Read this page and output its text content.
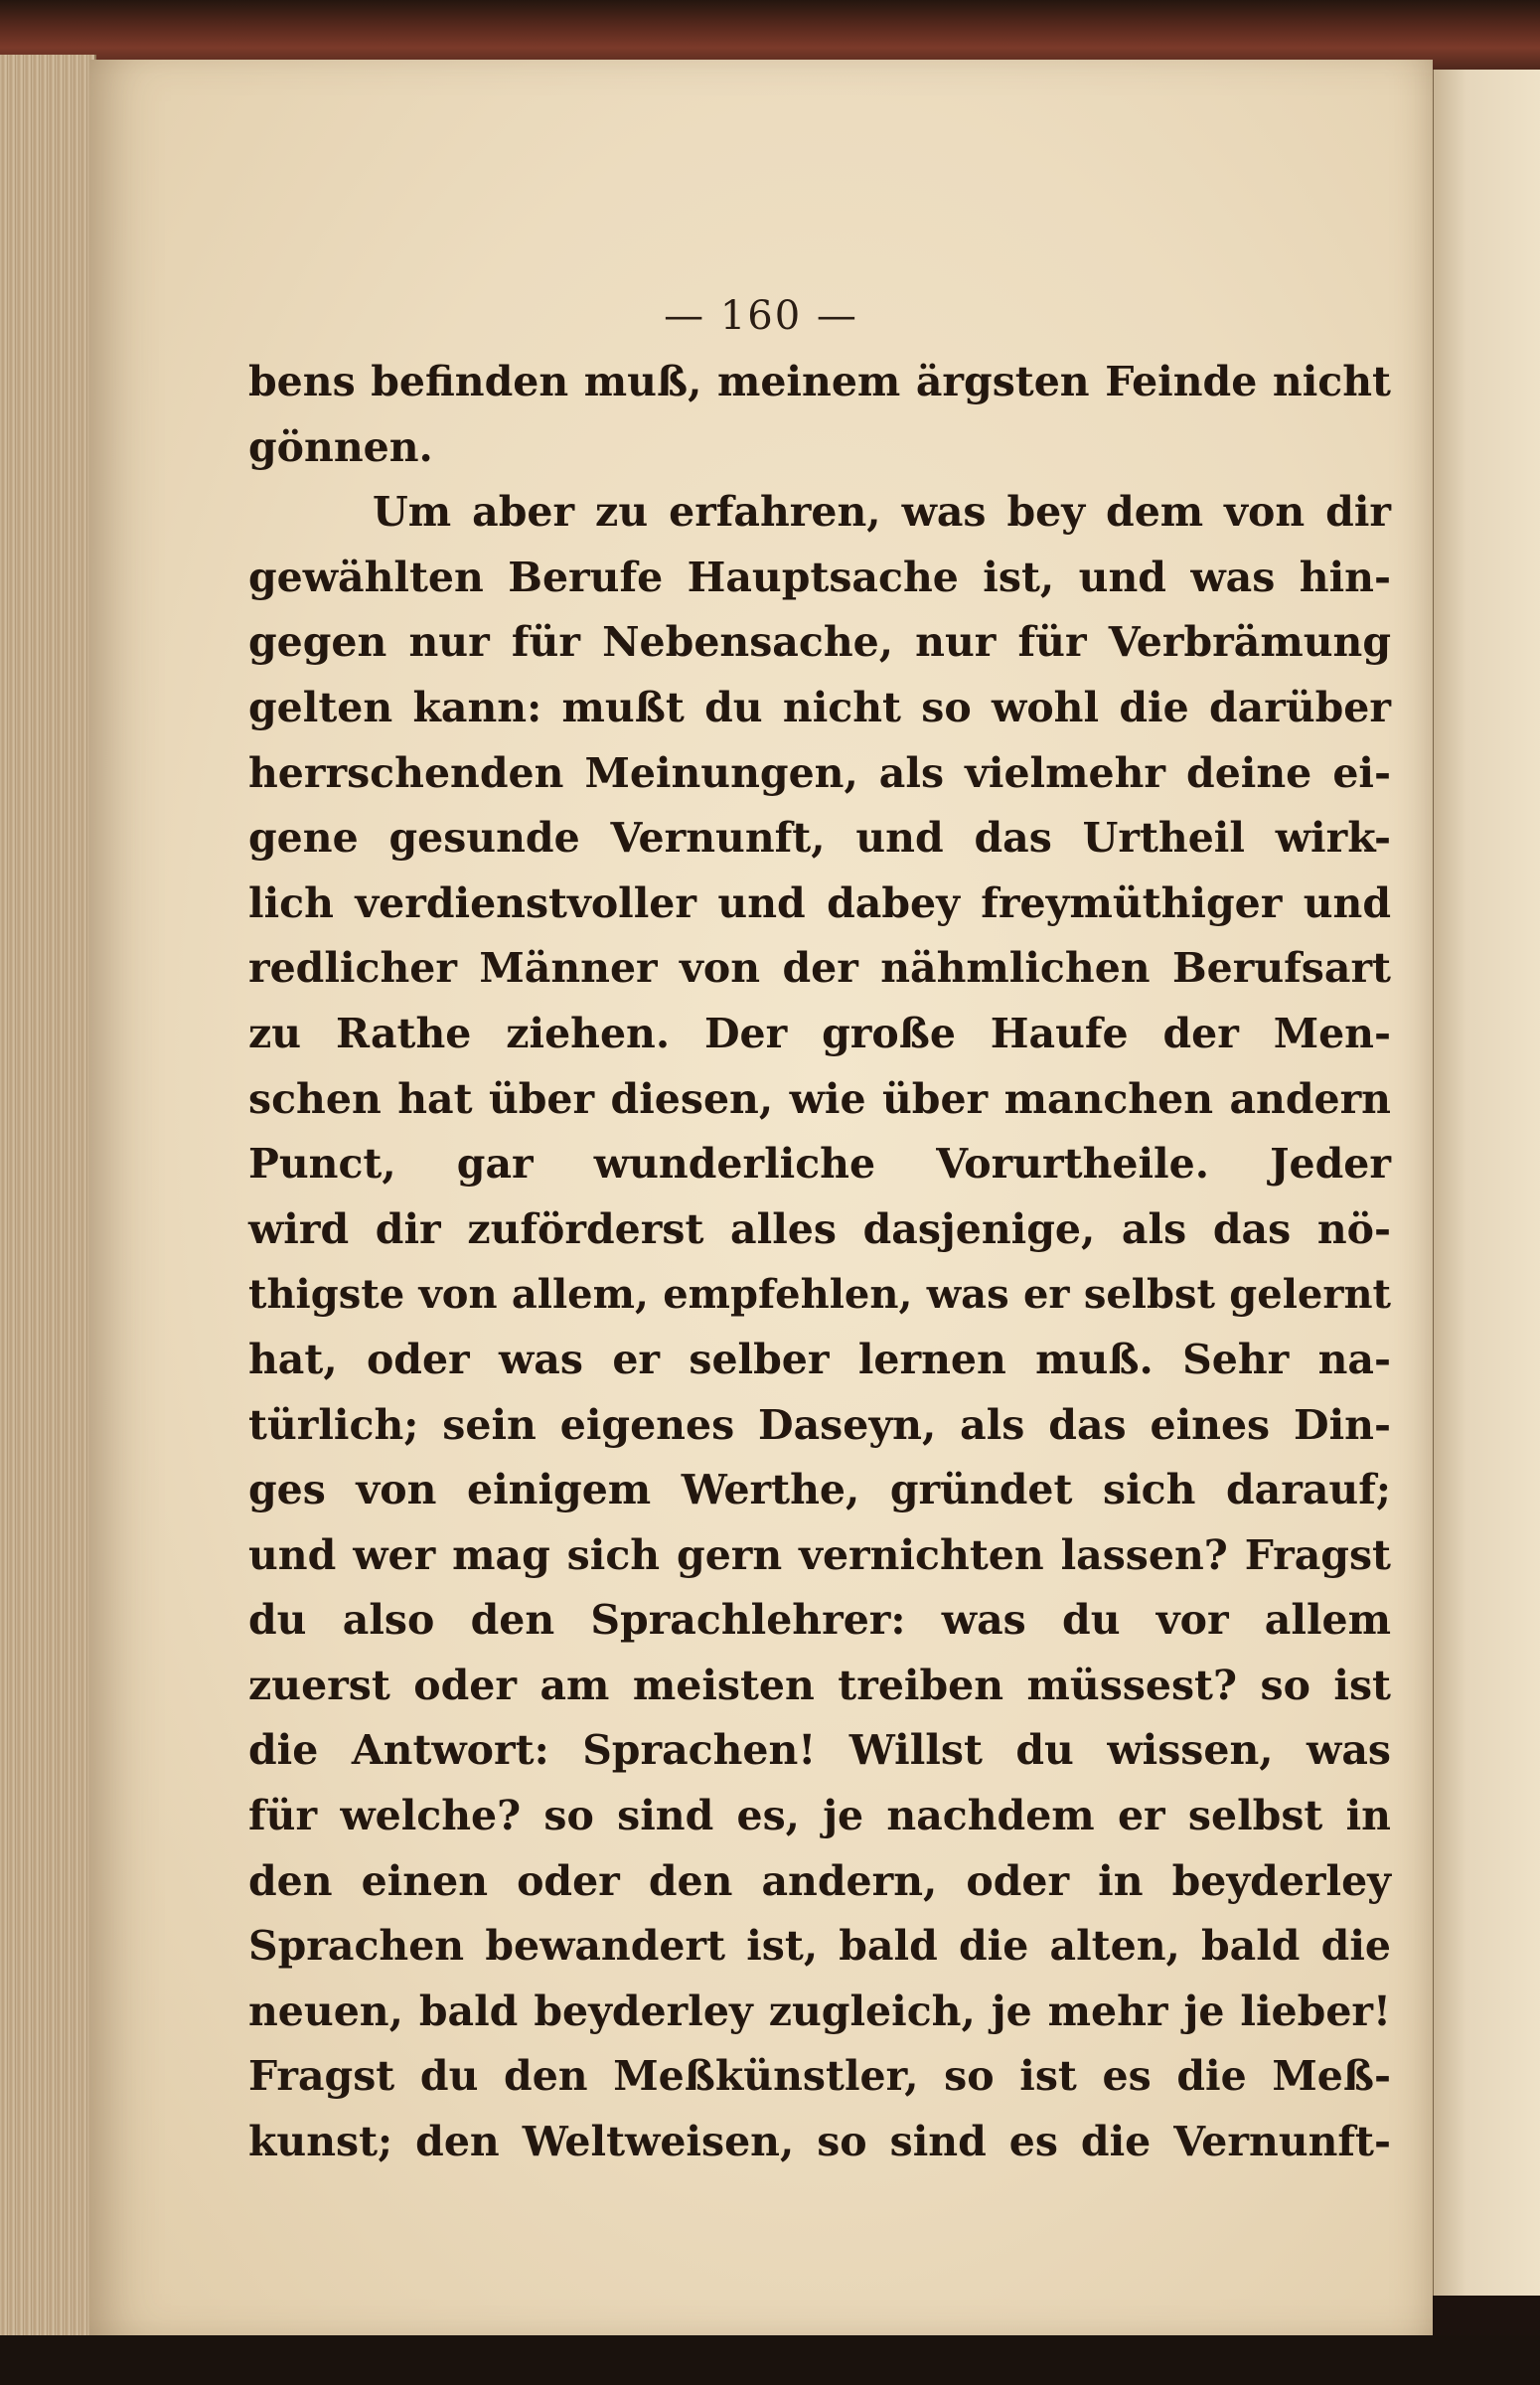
— 160 —
bens befinden muß, meinem ärgsten Feinde nicht
gönnen.
Um aber zu erfahren, was bey dem von dir
gewählten Berufe Hauptsache ist, und was hin-
gegen nur für Nebensache, nur für Verbrämung
gelten kann: mußt du nicht so wohl die darüber
herrschenden Meinungen, als vielmehr deine ei-
gene gesunde Vernunft, und das Urtheil wirk-
lich verdienstvoller und dabey freymüthiger und
redlicher Männer von der nähmlichen Berufsart
zu Rathe ziehen. Der große Haufe der Men-
schen hat über diesen, wie über manchen andern
Punct, gar wunderliche Vorurtheile. Jeder
wird dir zuförderst alles dasjenige, als das nö-
thigste von allem, empfehlen, was er selbst gelernt
hat, oder was er selber lernen muß. Sehr na-
türlich; sein eigenes Daseyn, als das eines Din-
ges von einigem Werthe, gründet sich darauf;
und wer mag sich gern vernichten lassen? Fragst
du also den Sprachlehrer: was du vor allem
zuerst oder am meisten treiben müssest? so ist
die Antwort: Sprachen! Willst du wissen, was
für welche? so sind es, je nachdem er selbst in
den einen oder den andern, oder in beyderley
Sprachen bewandert ist, bald die alten, bald die
neuen, bald beyderley zugleich, je mehr je lieber!
Fragst du den Meßkünstler, so ist es die Meß-
kunst; den Weltweisen, so sind es die Vernunft-
